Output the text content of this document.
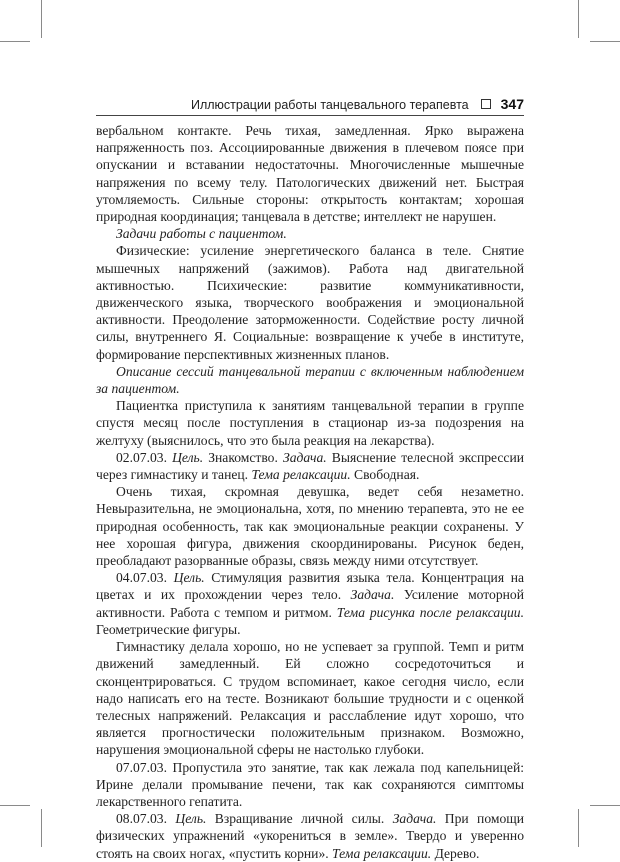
Иллюстрации работы танцевального терапевта 347

вербальном контакте. Речь тихая, замедленная. Ярко выражена напряженность поз. Ассоциированные движения в плечевом поясе при опускании и вставании недостаточны. Многочисленные мышечные напряжения по всему телу. Патологических движений нет. Быстрая утомляемость. Сильные стороны: открытость контактам; хорошая природная координация; танцевала в детстве; интеллект не нарушен.

Задачи работы с пациентом.

Физические: усиление энергетического баланса в теле. Снятие мышечных напряжений (зажимов). Работа над двигательной активностью. Психические: развитие коммуникативности, движенческого языка, творческого воображения и эмоциональной активности. Преодоление заторможенности. Содействие росту личной силы, внутреннего Я. Социальные: возвращение к учебе в институте, формирование перспективных жизненных планов.

Описание сессий танцевальной терапии с включенным наблюдением за пациентом.

Пациентка приступила к занятиям танцевальной терапии в группе спустя месяц после поступления в стационар из-за подозрения на желтуху (выяснилось, что это была реакция на лекарства).

02.07.03. Цель. Знакомство. Задача. Выяснение телесной экспрессии через гимнастику и танец. Тема релаксации. Свободная.

Очень тихая, скромная девушка, ведет себя незаметно. Невыразительна, не эмоциональна, хотя, по мнению терапевта, это не ее природная особенность, так как эмоциональные реакции сохранены. У нее хорошая фигура, движения скоординированы. Рисунок беден, преобладают разорванные образы, связь между ними отсутствует.

04.07.03. Цель. Стимуляция развития языка тела. Концентрация на цветах и их прохождении через тело. Задача. Усиление моторной активности. Работа с темпом и ритмом. Тема рисунка после релаксации. Геометрические фигуры.

Гимнастику делала хорошо, но не успевает за группой. Темп и ритм движений замедленный. Ей сложно сосредоточиться и сконцентрироваться. С трудом вспоминает, какое сегодня число, если надо написать его на тесте. Возникают большие трудности и с оценкой телесных напряжений. Релаксация и расслабление идут хорошо, что является прогностически положительным признаком. Возможно, нарушения эмоциональной сферы не настолько глубоки.

07.07.03. Пропустила это занятие, так как лежала под капельницей: Ирине делали промывание печени, так как сохраняются симптомы лекарственного гепатита.

08.07.03. Цель. Взращивание личной силы. Задача. При помощи физических упражнений «укорениться в земле». Твердо и уверенно стоять на своих ногах, «пустить корни». Тема релаксации. Дерево.
